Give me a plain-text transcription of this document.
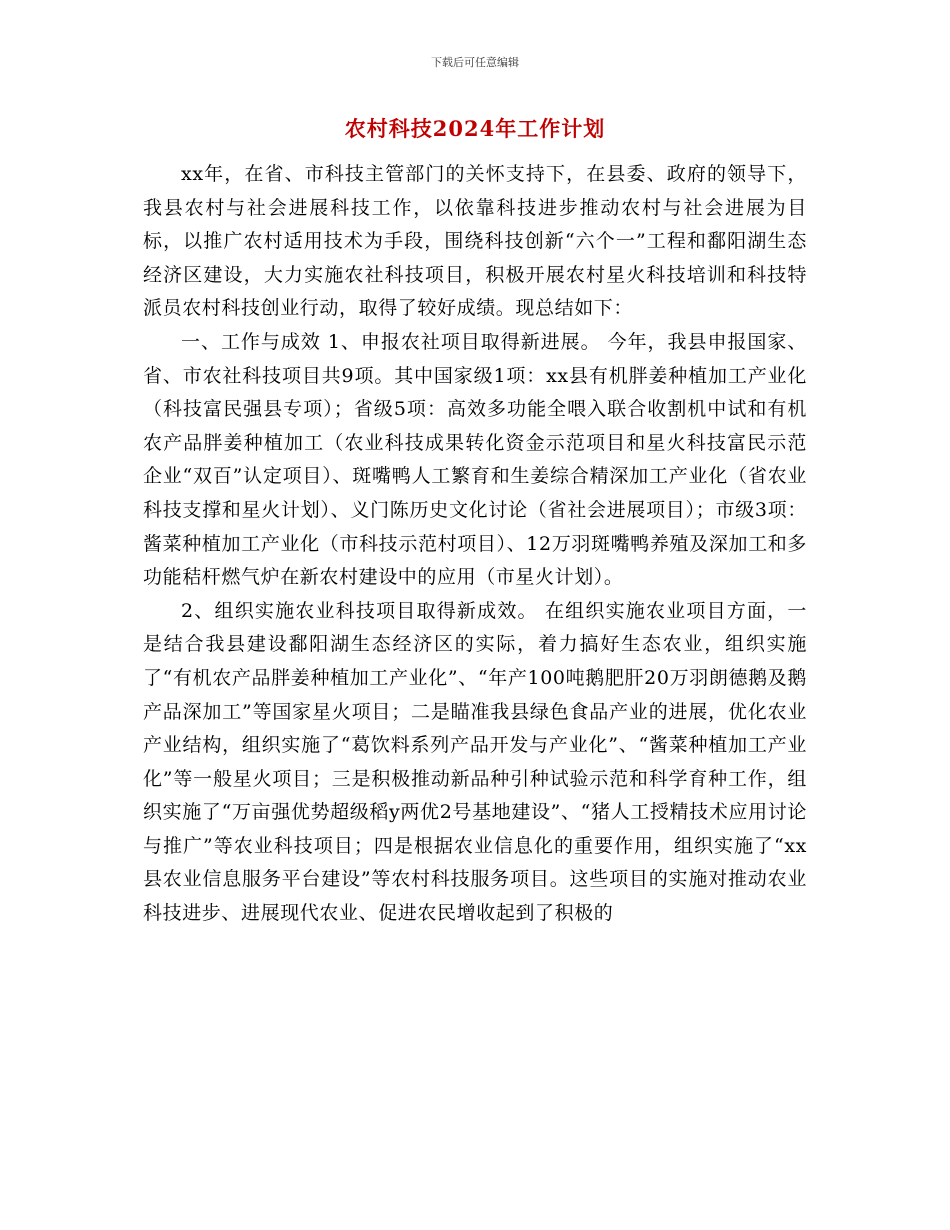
下载后可任意编辑
农村科技2024年工作计划

xx年，在省、市科技主管部门的关怀支持下，在县委、政府的领导下，我县农村与社会进展科技工作，以依靠科技进步推动农村与社会进展为目标，以推广农村适用技术为手段，围绕科技创新“六个一”工程和鄱阳湖生态经济区建设，大力实施农社科技项目，积极开展农村星火科技培训和科技特派员农村科技创业行动，取得了较好成绩。现总结如下：

一、工作与成效 1、申报农社项目取得新进展。 今年，我县申报国家、省、市农社科技项目共9项。其中国家级1项：xx县有机胖姜种植加工产业化（科技富民强县专项）；省级5项：高效多功能全喂入联合收割机中试和有机农产品胖姜种植加工（农业科技成果转化资金示范项目和星火科技富民示范企业“双百”认定项目）、斑嘴鸭人工繁育和生姜综合精深加工产业化（省农业科技支撑和星火计划）、义门陈历史文化讨论（省社会进展项目）；市级3项：酱菜种植加工产业化（市科技示范村项目）、12万羽斑嘴鸭养殖及深加工和多功能秸杆燃气炉在新农村建设中的应用（市星火计划）。

2、组织实施农业科技项目取得新成效。 在组织实施农业项目方面，一是结合我县建设鄱阳湖生态经济区的实际，着力搞好生态农业，组织实施了“有机农产品胖姜种植加工产业化”、“年产100吨鹅肥肝20万羽朗德鹅及鹅产品深加工”等国家星火项目；二是瞄准我县绿色食品产业的进展，优化农业产业结构，组织实施了“葛饮料系列产品开发与产业化”、“酱菜种植加工产业化”等一般星火项目；三是积极推动新品种引种试验示范和科学育种工作，组织实施了“万亩强优势超级稻y两优2号基地建设”、“猪人工授精技术应用讨论与推广”等农业科技项目；四是根据农业信息化的重要作用，组织实施了“xx县农业信息服务平台建设”等农村科技服务项目。这些项目的实施对推动农业科技进步、进展现代农业、促进农民增收起到了积极的
